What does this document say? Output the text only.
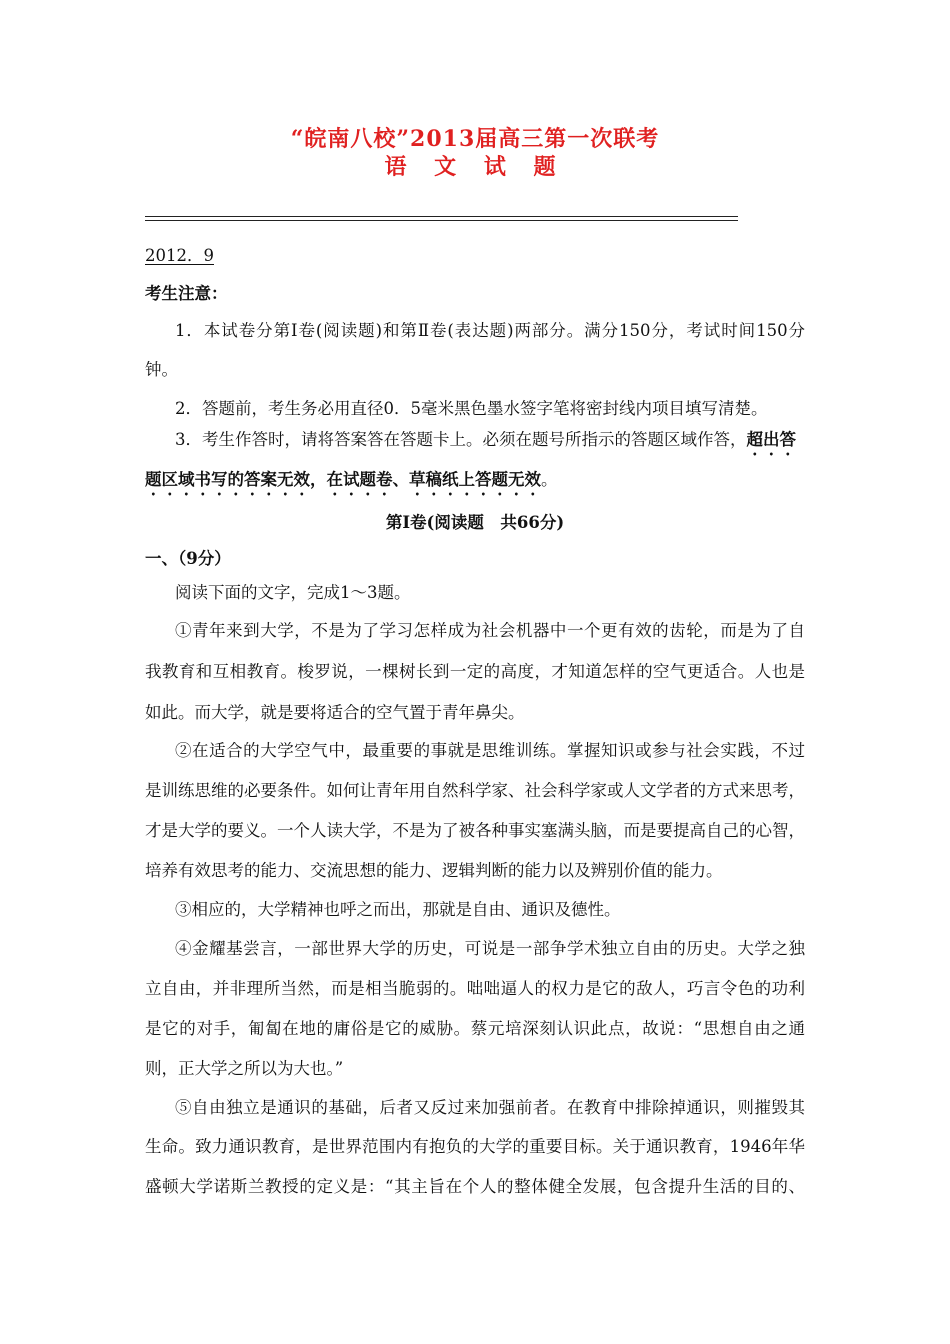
“皖南八校”2013届高三第一次联考
语 文 试 题
2012．9
考生注意：
1．本试卷分第Ⅰ卷(阅读题)和第Ⅱ卷(表达题)两部分。满分150分，考试时间150分
钟。
2．答题前，考生务必用直径0．5毫米黑色墨水签字笔将密封线内项目填写清楚。
3．考生作答时，请将答案答在答题卡上。必须在题号所指示的答题区域作答，超出答
题区域书写的答案无效，在试题卷、草稿纸上答题无效。
第Ⅰ卷(阅读题　共66分)
一、（9分）
阅读下面的文字，完成1～3题。
①青年来到大学，不是为了学习怎样成为社会机器中一个更有效的齿轮，而是为了自
我教育和互相教育。梭罗说，一棵树长到一定的高度，才知道怎样的空气更适合。人也是
如此。而大学，就是要将适合的空气置于青年鼻尖。
②在适合的大学空气中，最重要的事就是思维训练。掌握知识或参与社会实践，不过
是训练思维的必要条件。如何让青年用自然科学家、社会科学家或人文学者的方式来思考，
才是大学的要义。一个人读大学，不是为了被各种事实塞满头脑，而是要提高自己的心智，
培养有效思考的能力、交流思想的能力、逻辑判断的能力以及辨别价值的能力。
③相应的，大学精神也呼之而出，那就是自由、通识及德性。
④金耀基尝言，一部世界大学的历史，可说是一部争学术独立自由的历史。大学之独
立自由，并非理所当然，而是相当脆弱的。咄咄逼人的权力是它的敌人，巧言令色的功利
是它的对手，匍匐在地的庸俗是它的威胁。蔡元培深刻认识此点，故说：“思想自由之通
则，正大学之所以为大也。”
⑤自由独立是通识的基础，后者又反过来加强前者。在教育中排除掉通识，则摧毁其
生命。致力通识教育，是世界范围内有抱负的大学的重要目标。关于通识教育，1946年华
盛顿大学诺斯兰教授的定义是：“其主旨在个人的整体健全发展，包含提升生活的目的、
